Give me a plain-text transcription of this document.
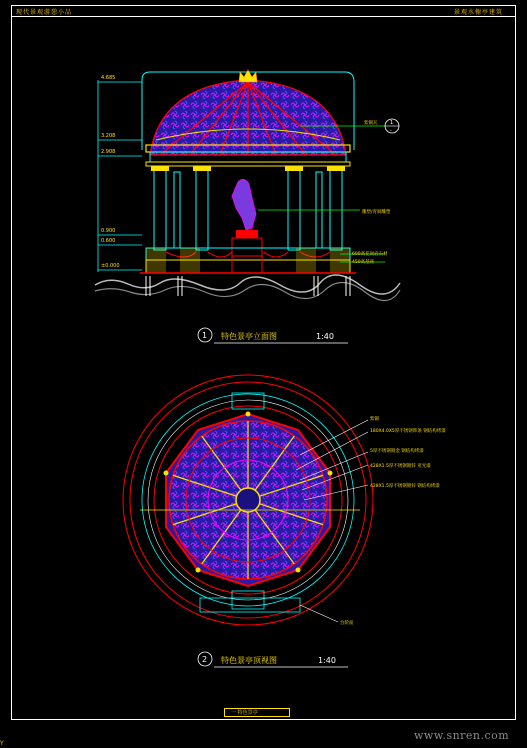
现代景观游憩小品	景观水榭亭建筑
4.685
3.208
2.908
0.900
0.600
±0.000
1
-
紫铜瓦
雕塑/青铜雕塑
600高花岗岩石材
450高基座
1 特色景亭立面图	1:40
紫铜
180X4.0X5厚不锈钢饰条 钢结构烤漆
5厚不锈钢镀金 钢结构烤漆
428X1.5厚不锈钢镀锌 亚光漆
428X1.5厚不锈钢镀锌 钢结构烤漆
台阶面
2 特色景亭顶视图	1:40
一 特色景亭
www.snren.com
Y
